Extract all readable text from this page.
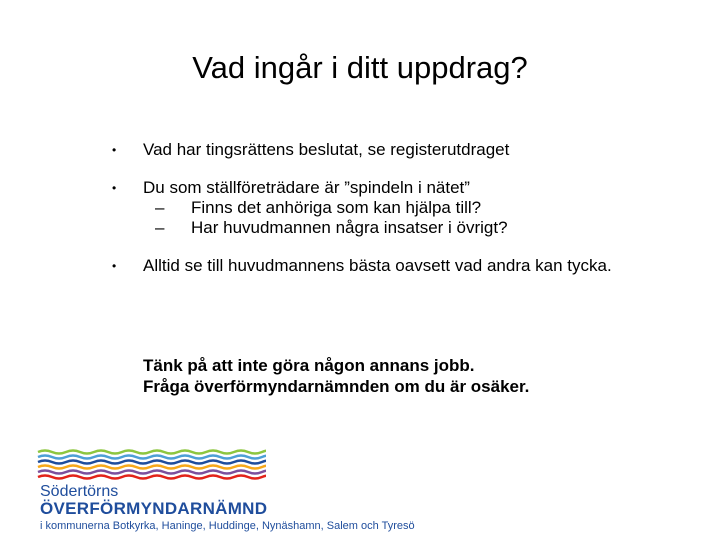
Vad ingår i ditt uppdrag?
• Vad har tingsrättens beslutat, se registerutdraget
• Du som ställföreträdare är ”spindeln i nätet”
– Finns det anhöriga som kan hjälpa till?
– Har huvudmannen några insatser i övrigt?
• Alltid se till huvudmannens bästa oavsett vad andra kan tycka.
Tänk på att inte göra någon annans jobb.
Fråga överförmyndarnämnden om du är osäker.
Södertörns
ÖVERFÖRMYNDARNÄMND
i kommunerna Botkyrka, Haninge, Huddinge, Nynäshamn, Salem och Tyresö
